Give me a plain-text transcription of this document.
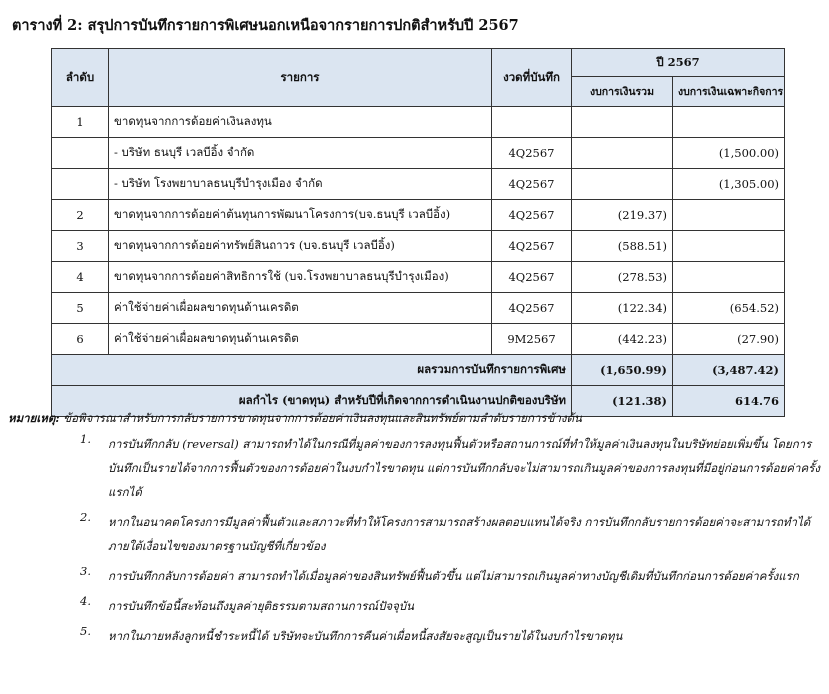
ตารางที่ 2: สรุปการบันทึกรายการพิเศษนอกเหนือจากรายการปกติสำหรับปี 2567
ลำดับ	รายการ	งวดที่บันทึก	ปี 2567	
			งบการเงินรวม	งบการเงินเฉพาะกิจการ
1	ขาดทุนจากการด้อยค่าเงินลงทุน			
	- บริษัท ธนบุรี เวลบีอิ้ง จำกัด	4Q2567		(1,500.00)
	- บริษัท โรงพยาบาลธนบุรีบำรุงเมือง จำกัด	4Q2567		(1,305.00)
2	ขาดทุนจากการด้อยค่าต้นทุนการพัฒนาโครงการ(บจ.ธนบุรี เวลบีอิ้ง)	4Q2567	(219.37)	
3	ขาดทุนจากการด้อยค่าทรัพย์สินถาวร (บจ.ธนบุรี เวลบีอิ้ง)	4Q2567	(588.51)	
4	ขาดทุนจากการด้อยค่าสิทธิการใช้ (บจ.โรงพยาบาลธนบุรีบำรุงเมือง)	4Q2567	(278.53)	
5	ค่าใช้จ่ายค่าเผื่อผลขาดทุนด้านเครดิต	4Q2567	(122.34)	(654.52)
6	ค่าใช้จ่ายค่าเผื่อผลขาดทุนด้านเครดิต	9M2567	(442.23)	(27.90)
ผลรวมการบันทึกรายการพิเศษ			(1,650.99)	(3,487.42)
ผลกำไร (ขาดทุน) สำหรับปีที่เกิดจากการดำเนินงานปกติของบริษัท			(121.38)	614.76
หมายเหตุ: ข้อพิจารณาสำหรับการกลับรายการขาดทุนจากการด้อยค่าเงินลงทุนและสินทรัพย์ตามลำดับรายการข้างต้น
1. การบันทึกกลับ (reversal) สามารถทำได้ในกรณีที่มูลค่าของการลงทุนฟื้นตัวหรือสถานการณ์ที่ทำให้มูลค่าเงินลงทุนในบริษัทย่อยเพิ่มขึ้น โดยการบันทึกเป็นรายได้จากการฟื้นตัวของการด้อยค่าในงบกำไรขาดทุน แต่การบันทึกกลับจะไม่สามารถเกินมูลค่าของการลงทุนที่มีอยู่ก่อนการด้อยค่าครั้งแรกได้
2. หากในอนาคตโครงการมีมูลค่าฟื้นตัวและสภาวะที่ทำให้โครงการสามารถสร้างผลตอบแทนได้จริง การบันทึกกลับรายการด้อยค่าจะสามารถทำได้ภายใต้เงื่อนไขของมาตรฐานบัญชีที่เกี่ยวข้อง
3. การบันทึกกลับการด้อยค่า สามารถทำได้เมื่อมูลค่าของสินทรัพย์ฟื้นตัวขึ้น แต่ไม่สามารถเกินมูลค่าทางบัญชีเดิมที่บันทึกก่อนการด้อยค่าครั้งแรก
4. การบันทึกข้อนี้สะท้อนถึงมูลค่ายุติธรรมตามสถานการณ์ปัจจุบัน
5. หากในภายหลังลูกหนี้ชำระหนี้ได้ บริษัทจะบันทึกการคืนค่าเผื่อหนี้สงสัยจะสูญเป็นรายได้ในงบกำไรขาดทุน
